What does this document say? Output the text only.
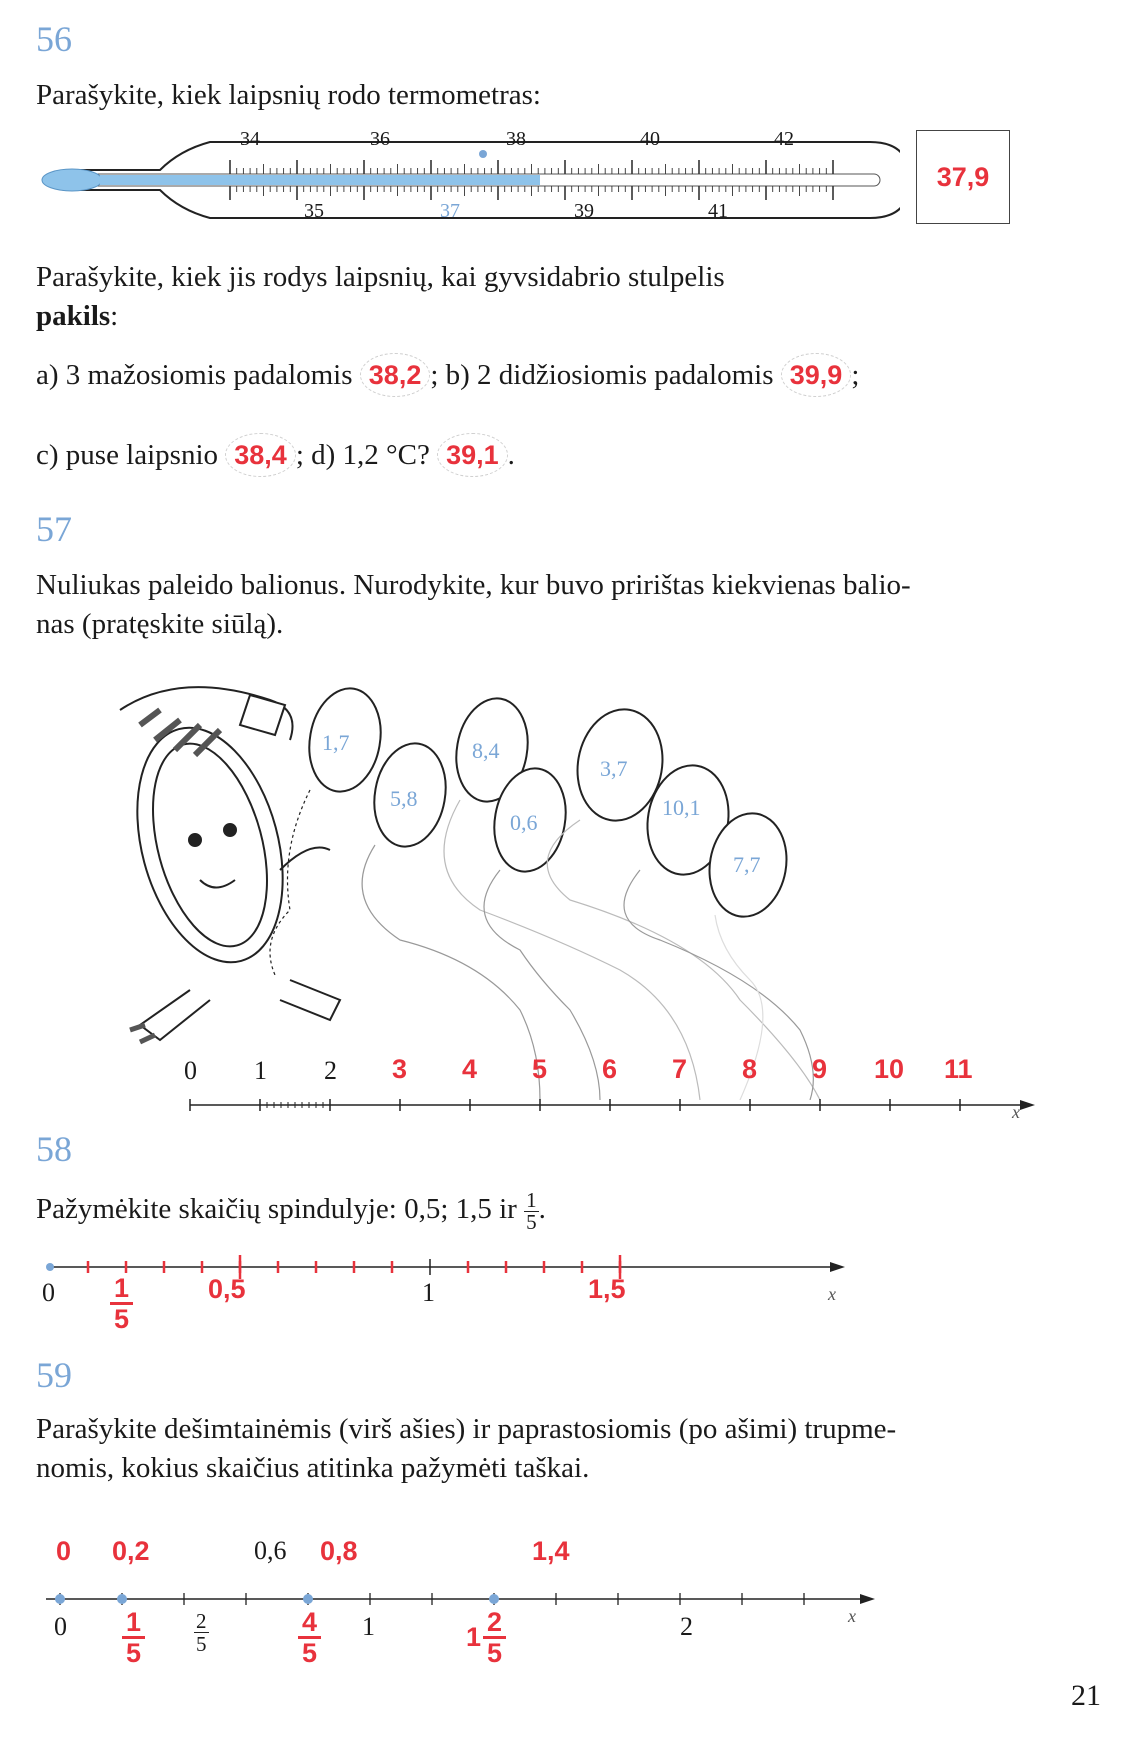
56
Parašykite, kiek laipsnių rodo termometras:
34	36	38	40	42
35	37	39	41
37,9
Parašykite, kiek jis rodys laipsnių, kai gyvsidabrio stulpelis
pakils:
a) 3 mažosiomis padalomis 38,2 ; b) 2 didžiosiomis padalomis 39,9 ;
c) puse laipsnio 38,4 ; d) 1,2 °C? 39,1 .
57
Nuliukas paleido balionus. Nurodykite, kur buvo pririštas kiekvienas balio-
nas (pratęskite siūlą).
1,7
5,8
8,4
0,6
3,7
10,1
7,7
0 1 2 3 4 5 6 7 8 9 10 11
x
58
Pažymėkite skaičių spindulyje: 0,5; 1,5 ir $\frac{1}{5}$ .
0	1	x
$\frac{1}{5}$	0,5	1,5
59
Parašykite dešimtainėmis (virš ašies) ir paprastosiomis (po ašimi) trupme-
nomis, kokius skaičius atitinka pažymėti taškai.
0 0,2	0,6 0,8	1,4
$0 \frac{1}{5} \frac{2}{5}$	$\frac{4}{5} 1$	$1 \frac{2}{5}$	2	x
21
